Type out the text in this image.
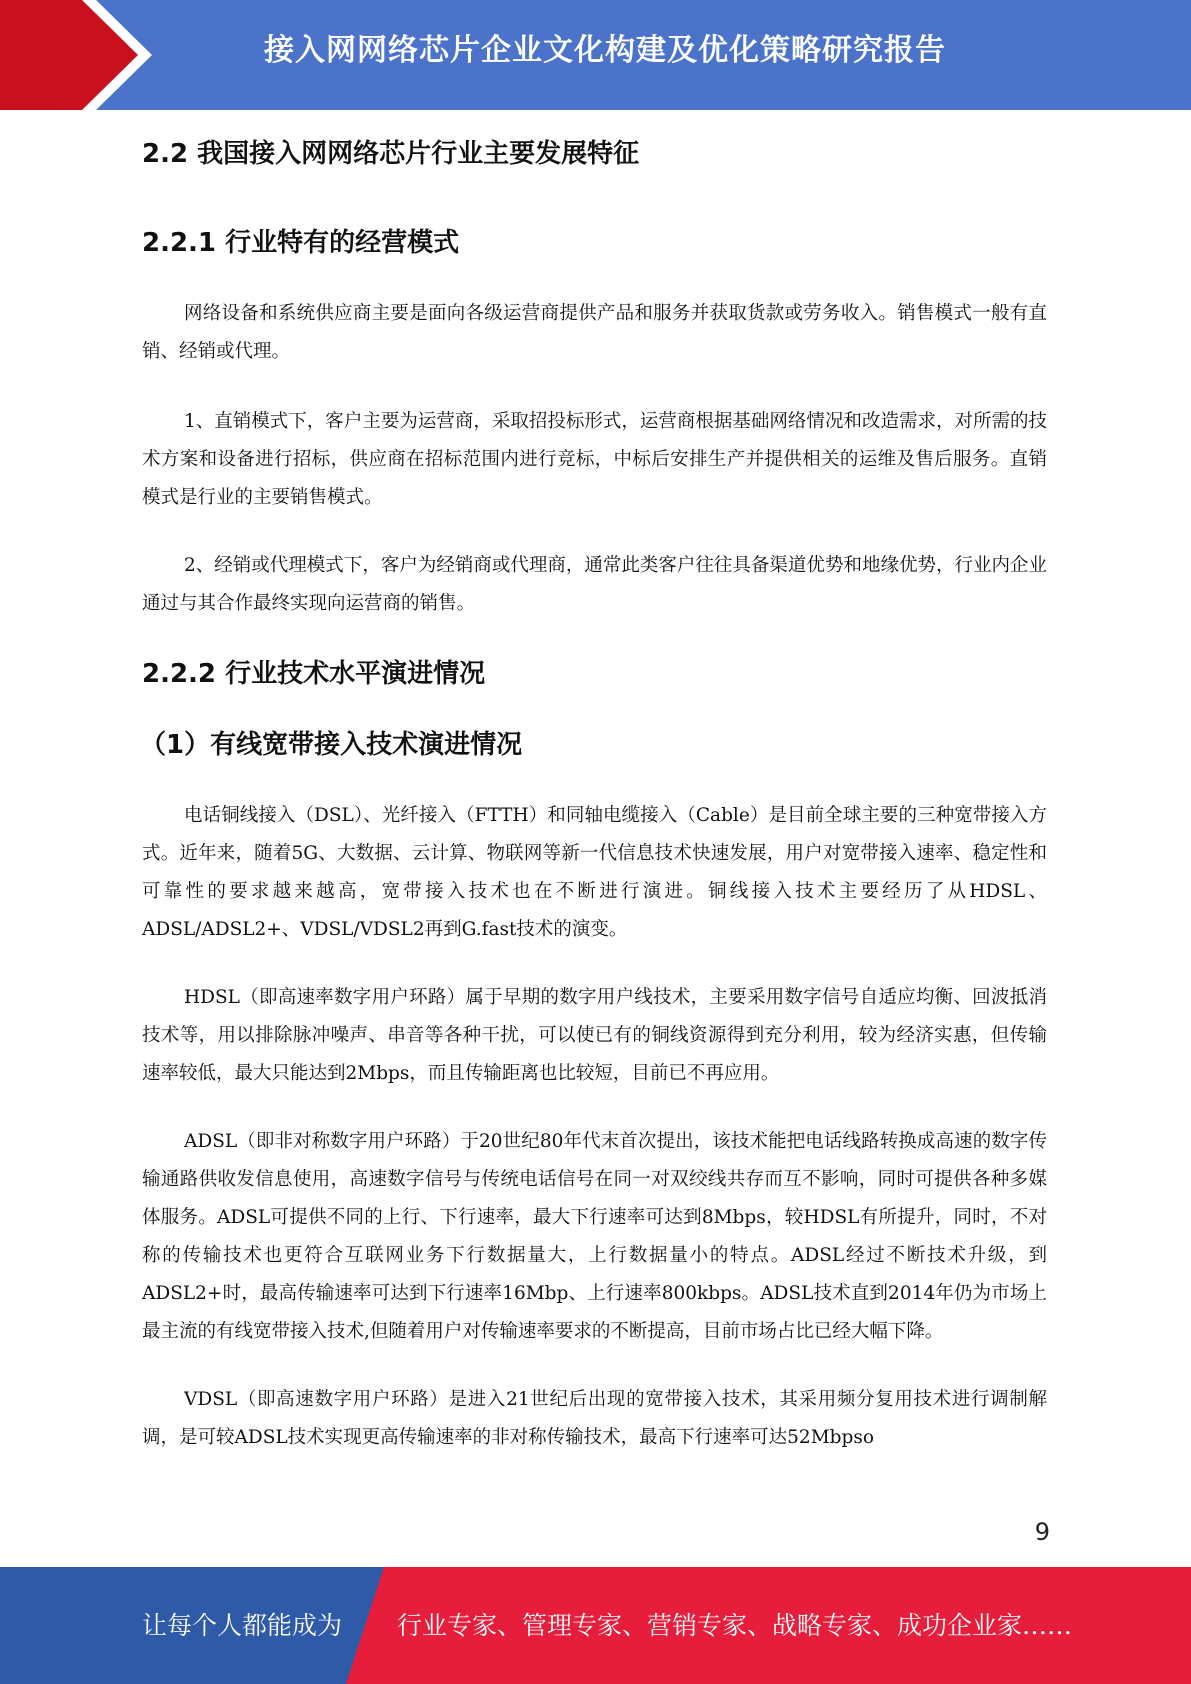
接入网网络芯片企业文化构建及优化策略研究报告
2.2 我国接入网网络芯片行业主要发展特征
2.2.1 行业特有的经营模式

网络设备和系统供应商主要是面向各级运营商提供产品和服务并获取货款或劳务收入。销售模式一般有直销、经销或代理。

1、直销模式下，客户主要为运营商，采取招投标形式，运营商根据基础网络情况和改造需求，对所需的技术方案和设备进行招标，供应商在招标范围内进行竞标，中标后安排生产并提供相关的运维及售后服务。直销模式是行业的主要销售模式。

2、经销或代理模式下，客户为经销商或代理商，通常此类客户往往具备渠道优势和地缘优势，行业内企业通过与其合作最终实现向运营商的销售。

2.2.2 行业技术水平演进情况
（1）有线宽带接入技术演进情况

电话铜线接入（DSL）、光纤接入（FTTH）和同轴电缆接入（Cable）是目前全球主要的三种宽带接入方式。近年来，随着5G、大数据、云计算、物联网等新一代信息技术快速发展，用户对宽带接入速率、稳定性和可靠性的要求越来越高，宽带接入技术也在不断进行演进。铜线接入技术主要经历了从HDSL、ADSL/ADSL2+、VDSL/VDSL2再到G.fast技术的演变。

HDSL（即高速率数字用户环路）属于早期的数字用户线技术，主要采用数字信号自适应均衡、回波抵消技术等，用以排除脉冲噪声、串音等各种干扰，可以使已有的铜线资源得到充分利用，较为经济实惠，但传输速率较低，最大只能达到2Mbps，而且传输距离也比较短，目前已不再应用。

ADSL（即非对称数字用户环路）于20世纪80年代末首次提出，该技术能把电话线路转换成高速的数字传输通路供收发信息使用，高速数字信号与传统电话信号在同一对双绞线共存而互不影响，同时可提供各种多媒体服务。ADSL可提供不同的上行、下行速率，最大下行速率可达到8Mbps，较HDSL有所提升，同时，不对称的传输技术也更符合互联网业务下行数据量大，上行数据量小的特点。ADSL经过不断技术升级，到ADSL2+时，最高传输速率可达到下行速率16Mbp、上行速率800kbps。ADSL技术直到2014年仍为市场上最主流的有线宽带接入技术,但随着用户对传输速率要求的不断提高，目前市场占比已经大幅下降。

VDSL（即高速数字用户环路）是进入21世纪后出现的宽带接入技术，其采用频分复用技术进行调制解调，是可较ADSL技术实现更高传输速率的非对称传输技术，最高下行速率可达52Mbpso

9
让每个人都能成为 行业专家、管理专家、营销专家、战略专家、成功企业家……
